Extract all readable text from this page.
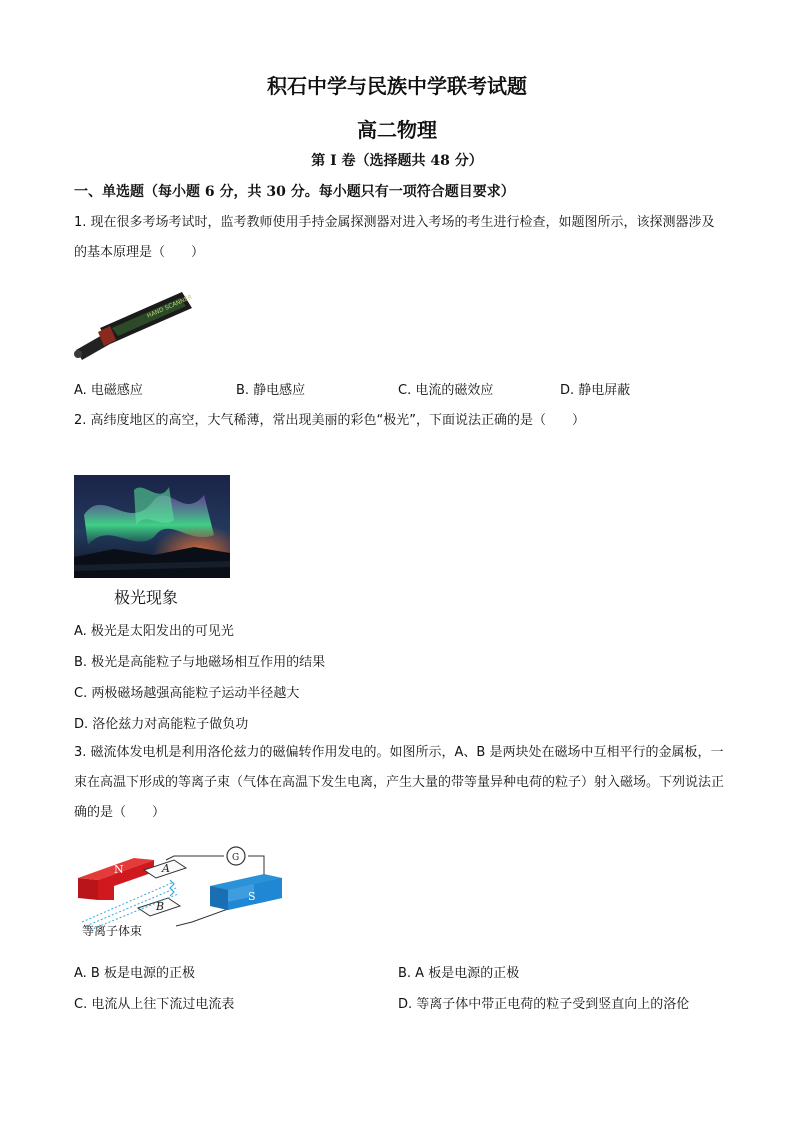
积石中学与民族中学联考试题
高二物理
第 I 卷（选择题共 48 分）
一、单选题（每小题 6 分，共 30 分。每小题只有一项符合题目要求）
1. 现在很多考场考试时，监考教师使用手持金属探测器对进入考场的考生进行检查，如题图所示，该探测器涉及的基本原理是（　　）
HAND SCANNER
A. 电磁感应	B. 静电感应	C. 电流的磁效应	D. 静电屏蔽
2. 高纬度地区的高空，大气稀薄，常出现美丽的彩色“极光”，下面说法正确的是（　　）
极光现象
A. 极光是太阳发出的可见光
B. 极光是高能粒子与地磁场相互作用的结果
C. 两极磁场越强高能粒子运动半径越大
D. 洛伦兹力对高能粒子做负功
3. 磁流体发电机是利用洛伦兹力的磁偏转作用发电的。如图所示，A、B 是两块处在磁场中互相平行的金属板，一束在高温下形成的等离子束（气体在高温下发生电离，产生大量的带等量异种电荷的粒子）射入磁场。下列说法正确的是（　　）
N
S
A
B
G
等离子体束
A. B 板是电源的正极	B. A 板是电源的正极
C. 电流从上往下流过电流表	D. 等离子体中带正电荷的粒子受到竖直向上的洛伦
